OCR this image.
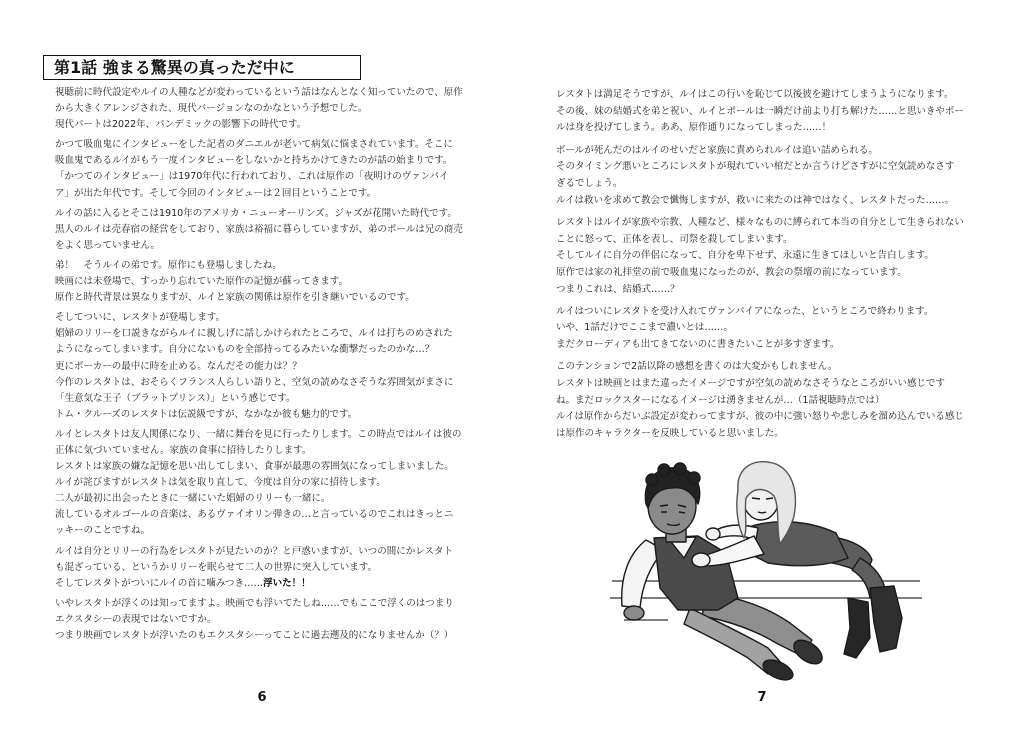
第1話 強まる驚異の真っただ中に
視聴前に時代設定やルイの人種などが変わっているという話はなんとなく知っていたので、原作
から大きくアレンジされた、現代バージョンなのかなという予想でした。
現代パートは2022年、パンデミックの影響下の時代です。
かつて吸血鬼にインタビューをした記者のダニエルが老いて病気に悩まされています。そこに
吸血鬼であるルイがもう一度インタビューをしないかと持ちかけてきたのが話の始まりです。
「かつてのインタビュー」は1970年代に行われており、これは原作の「夜明けのヴァンパイ
ア」が出た年代です。そして今回のインタビューは２回目ということです。
ルイの話に入るとそこは1910年のアメリカ・ニューオーリンズ。ジャズが花開いた時代です。
黒人のルイは売春宿の経営をしており、家族は裕福に暮らしていますが、弟のポールは兄の商売
をよく思っていません。
弟！　そうルイの弟です。原作にも登場しましたね。
映画には未登場で、すっかり忘れていた原作の記憶が蘇ってきます。
原作と時代背景は異なりますが、ルイと家族の関係は原作を引き継いでいるのです。
そしてついに、レスタトが登場します。
娼婦のリリーを口説きながらルイに親しげに話しかけられたところで、ルイは打ちのめされた
ようになってしまいます。自分にないものを全部持ってるみたいな衝撃だったのかな…？
更にポーカーの最中に時を止める。なんだその能力は？？
今作のレスタトは、おそらくフランス人らしい語りと、空気の読めなさそうな雰囲気がまさに
「生意気な王子（ブラットプリンス）」という感じです。
トム・クルーズのレスタトは伝説級ですが、なかなか彼も魅力的です。
ルイとレスタトは友人関係になり、一緒に舞台を見に行ったりします。この時点ではルイは彼の
正体に気づいていません。家族の食事に招待したりします。
レスタトは家族の嫌な記憶を思い出してしまい、食事が最悪の雰囲気になってしまいました。
ルイが詫びますがレスタトは気を取り直して、今度は自分の家に招待します。
二人が最初に出会ったときに一緒にいた娼婦のリリーも一緒に。
流しているオルゴールの音楽は、あるヴァイオリン弾きの…と言っているのでこれはきっとニ
ッキーのことですね。
ルイは自分とリリーの行為をレスタトが見たいのか？と戸惑いますが、いつの間にかレスタト
も混ざっている、というかリリーを眠らせて二人の世界に突入しています。
そしてレスタトがついにルイの首に噛みつき……浮いた！！
いやレスタトが浮くのは知ってますよ。映画でも浮いてたしね……でもここで浮くのはつまり
エクスタシーの表現ではないですか。
つまり映画でレスタトが浮いたのもエクスタシーってことに過去遡及的になりませんか（？）
レスタトは満足そうですが、ルイはこの行いを恥じて以後彼を避けてしまうようになります。
その後、妹の結婚式を弟と祝い、ルイとポールは一瞬だけ前より打ち解けた……と思いきやポー
ルは身を投げてしまう。ああ、原作通りになってしまった……！
ポールが死んだのはルイのせいだと家族に責められルイは追い詰められる。
そのタイミング悪いところにレスタトが現れていい棺だとか言うけどさすがに空気読めなさす
ぎるでしょう。
ルイは救いを求めて教会で懺悔しますが、救いに来たのは神ではなく、レスタトだった……。
レスタトはルイが家族や宗教、人種など、様々なものに縛られて本当の自分として生きられない
ことに怒って、正体を表し、司祭を殺してしまいます。
そしてルイに自分の伴侶になって、自分を卑下せず、永遠に生きてほしいと告白します。
原作では家の礼拝堂の前で吸血鬼になったのが、教会の祭壇の前になっています。
つまりこれは、結婚式……？
ルイはついにレスタトを受け入れてヴァンパイアになった、というところで終わります。
いや、1話だけでここまで濃いとは……。
まだクローディアも出てきてないのに書きたいことが多すぎます。
このテンションで2話以降の感想を書くのは大変かもしれません。
レスタトは映画とはまた違ったイメージですが空気の読めなさそうなところがいい感じです
ね。まだロックスターになるイメージは湧きませんが…（1話視聴時点では）
ルイは原作からだいぶ設定が変わってますが、彼の中に強い怒りや悲しみを溜め込んでいる感じ
は原作のキャラクターを反映していると思いました。
6	7
